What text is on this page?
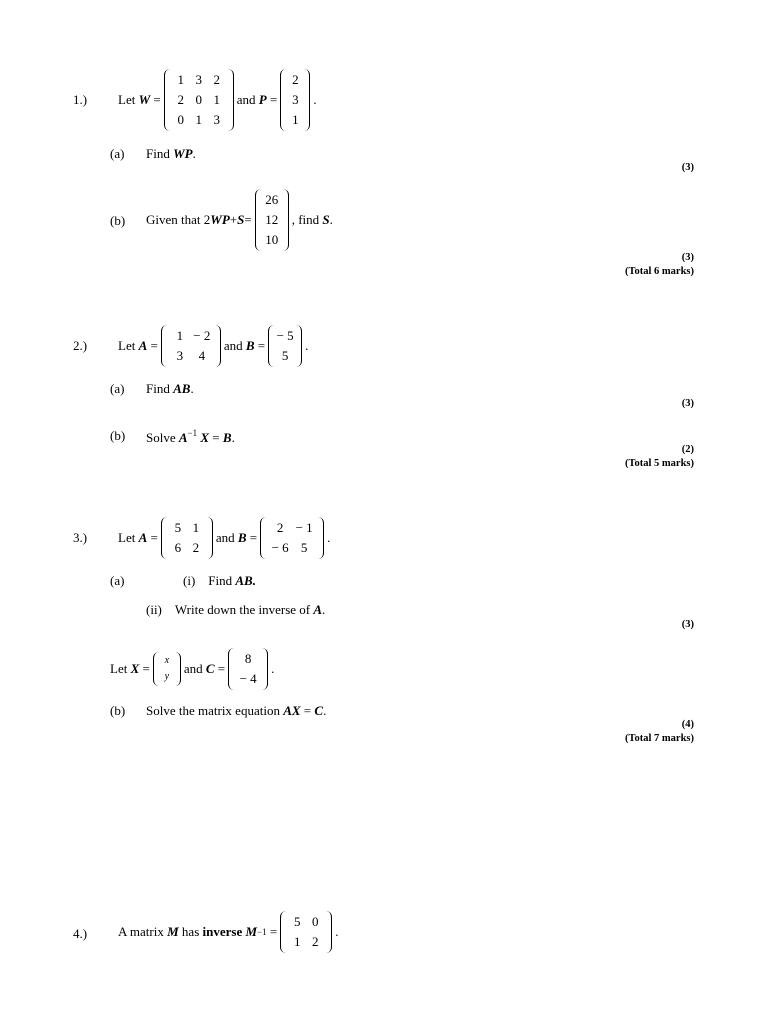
1.) Let
W
=
1 3 2
2 0 1
0 1 3
and
P
=
2
3
1
.
(a) Find WP.
(3)
(b) Given that 2 WP + S =
26
12
10
, find
S .
(3)
(Total 6 marks)
2.) Let
A
=
1 − 2
3	4
and
B
=
− 5
5
.
(a) Find AB.
(3)
(b) Solve $A^{-1}$ X = B.
(2)
(Total 5 marks)
3.) Let
A
=
5 1
6 2
and
B
=
2 − 1
− 6 5
.
(a)	(i) Find AB.
(ii) Write down the inverse of A.
(3)
Let
X
=
x
y
and
C
=
8
− 4
.
(b) Solve the matrix equation AX = C.
(4)
(Total 7 marks)
4.) A matrix
M
has
inverse
M −1
=
5 0
1 2
.
